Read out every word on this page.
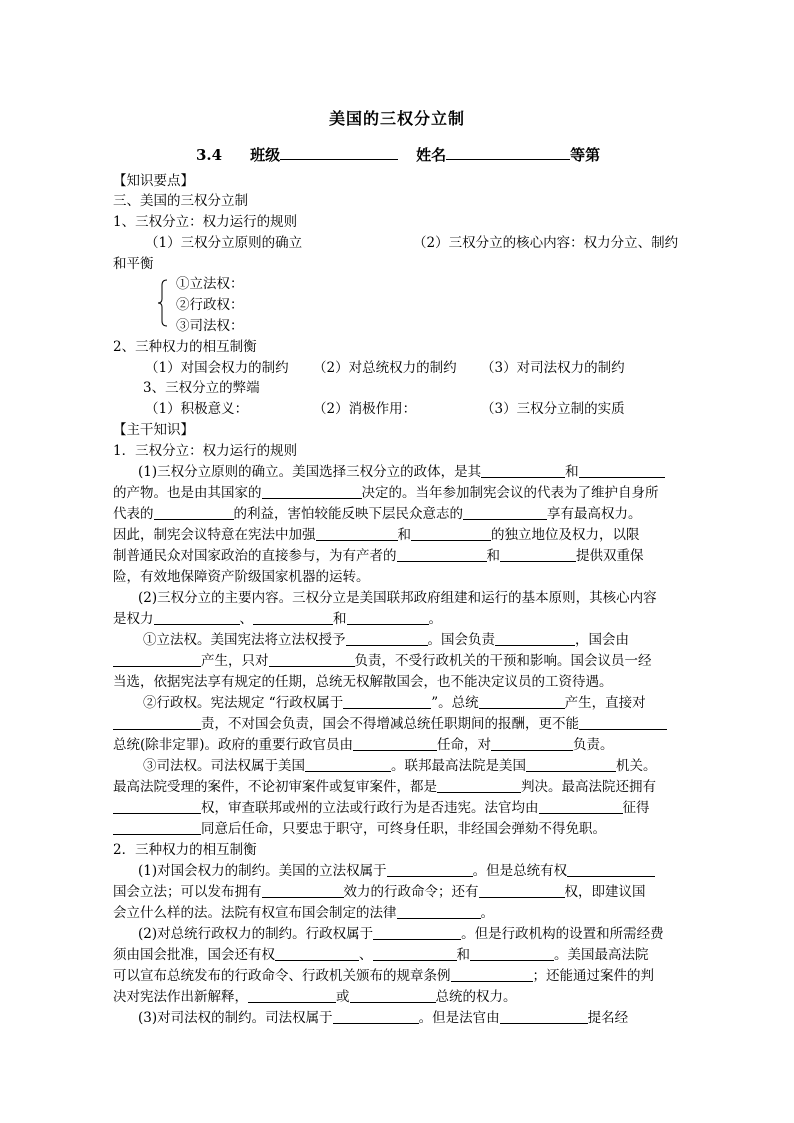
美国的三权分立制
3.4 班级	姓名	等第
【知识要点】
三、美国的三权分立制
1、三权分立：权力运行的规则
（1）三权分立原则的确立	（2）三权分立的核心内容：权力分立、制约
和平衡
①立法权：
②行政权：
③司法权：
2、三种权力的相互制衡
（1）对国会权力的制约 （2）对总统权力的制约 （3）对司法权力的制约
3、三权分立的弊端
（1）积极意义：	（2）消极作用：	（3）三权分立制的实质
【主干知识】
1．三权分立：权力运行的规则
(1)三权分立原则的确立。美国选择三权分立的政体，是其	和
的产物。也是由其国家的	决定的。当年参加制宪会议的代表为了维护自身所
代表的	的利益，害怕较能反映下层民众意志的	享有最高权力。
因此，制宪会议特意在宪法中加强	和	的独立地位及权力，以限
制普通民众对国家政治的直接参与，为有产者的	和	提供双重保
险，有效地保障资产阶级国家机器的运转。
(2)三权分立的主要内容。三权分立是美国联邦政府组建和运行的基本原则，其核心内容
是权力	、	和	。
①立法权。美国宪法将立法权授予	。国会负责	，国会由
产生，只对	负责，不受行政机关的干预和影响。国会议员一经
当选，依据宪法享有规定的任期，总统无权解散国会，也不能决定议员的工资待遇。
②行政权。宪法规定 “行政权属于	”。总统	产生，直接对
责，不对国会负责，国会不得增减总统任职期间的报酬，更不能
总统(除非定罪)。政府的重要行政官员由	任命，对	负责。
③司法权。司法权属于美国	。联邦最高法院是美国	机关。
最高法院受理的案件，不论初审案件或复审案件，都是	判决。最高法院还拥有
权，审查联邦或州的立法或行政行为是否违宪。法官均由	征得
同意后任命，只要忠于职守，可终身任职，非经国会弹劾不得免职。
2．三种权力的相互制衡
(1)对国会权力的制约。美国的立法权属于	。但是总统有权
国会立法；可以发布拥有	效力的行政命令；还有	权，即建议国
会立什么样的法。法院有权宣布国会制定的法律	。
(2)对总统行政权力的制约。行政权属于	。但是行政机构的设置和所需经费
须由国会批准，国会还有权	、	和	。美国最高法院
可以宣布总统发布的行政命令、行政机关颁布的规章条例	；还能通过案件的判
决对宪法作出新解释，	或	总统的权力。
(3)对司法权的制约。司法权属于	。但是法官由	提名经
